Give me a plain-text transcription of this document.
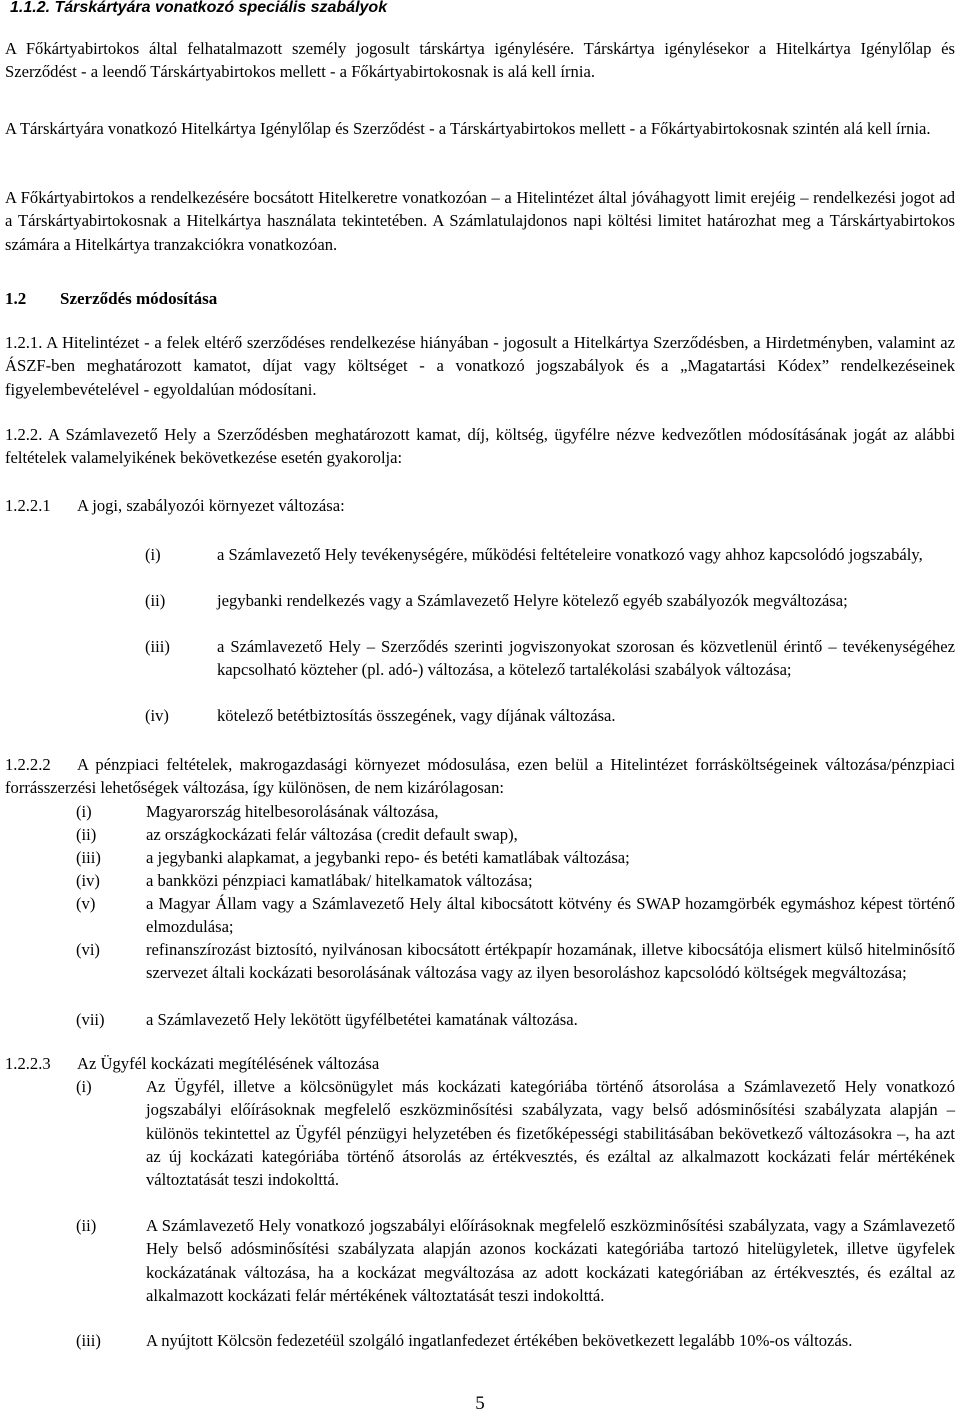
1.1.2. Társkártyára vonatkozó speciális szabályok
A Főkártyabirtokos által felhatalmazott személy jogosult társkártya igénylésére. Társkártya igénylésekor a Hitelkártya Igénylőlap és Szerződést - a leendő Társkártyabirtokos mellett - a Főkártyabirtokosnak is alá kell írnia.
A Társkártyára vonatkozó Hitelkártya Igénylőlap és Szerződést - a Társkártyabirtokos mellett - a Főkártyabirtokosnak szintén alá kell írnia.
A Főkártyabirtokos a rendelkezésére bocsátott Hitelkeretre vonatkozóan – a Hitelintézet által jóváhagyott limit erejéig – rendelkezési jogot ad a Társkártyabirtokosnak a Hitelkártya használata tekintetében. A Számlatulajdonos napi költési limitet határozhat meg a Társkártyabirtokos számára a Hitelkártya tranzakciókra vonatkozóan.
1.2 Szerződés módosítása
1.2.1. A Hitelintézet - a felek eltérő szerződéses rendelkezése hiányában - jogosult a Hitelkártya Szerződésben, a Hirdetményben, valamint az ÁSZF-ben meghatározott kamatot, díjat vagy költséget - a vonatkozó jogszabályok és a „Magatartási Kódex” rendelkezéseinek figyelembevételével - egyoldalúan módosítani.
1.2.2. A Számlavezető Hely a Szerződésben meghatározott kamat, díj, költség, ügyfélre nézve kedvezőtlen módosításának jogát az alábbi feltételek valamelyikének bekövetkezése esetén gyakorolja:
1.2.2.1 A jogi, szabályozói környezet változása:
(i)	a Számlavezető Hely tevékenységére, működési feltételeire vonatkozó vagy ahhoz kapcsolódó jogszabály,
(ii)	jegybanki rendelkezés vagy a Számlavezető Helyre kötelező egyéb szabályozók megváltozása;
(iii)	a Számlavezető Hely – Szerződés szerinti jogviszonyokat szorosan és közvetlenül érintő – tevékenységéhez kapcsolható közteher (pl. adó-) változása, a kötelező tartalékolási szabályok változása;
(iv)	kötelező betétbiztosítás összegének, vagy díjának változása.
1.2.2.2 A pénzpiaci feltételek, makrogazdasági környezet módosulása, ezen belül a Hitelintézet forrásköltségeinek változása/pénzpiaci forrásszerzési lehetőségek változása, így különösen, de nem kizárólagosan:
(i)	Magyarország hitelbesorolásának változása,
(ii)	az országkockázati felár változása (credit default swap),
(iii)	a jegybanki alapkamat, a jegybanki repo- és betéti kamatlábak változása;
(iv)	a bankközi pénzpiaci kamatlábak/ hitelkamatok változása;
(v)	a Magyar Állam vagy a Számlavezető Hely által kibocsátott kötvény és SWAP hozamgörbék egymáshoz képest történő elmozdulása;
(vi)	refinanszírozást biztosító, nyilvánosan kibocsátott értékpapír hozamának, illetve kibocsátója elismert külső hitelminősítő szervezet általi kockázati besorolásának változása vagy az ilyen besoroláshoz kapcsolódó költségek megváltozása;
(vii) a Számlavezető Hely lekötött ügyfélbetétei kamatának változása.
1.2.2.3 Az Ügyfél kockázati megítélésének változása
(i)	Az Ügyfél, illetve a kölcsönügylet más kockázati kategóriába történő átsorolása a Számlavezető Hely vonatkozó jogszabályi előírásoknak megfelelő eszközminősítési szabályzata, vagy belső adósminősítési szabályzata alapján – különös tekintettel az Ügyfél pénzügyi helyzetében és fizetőképességi stabilitásában bekövetkező változásokra –, ha azt az új kockázati kategóriába történő átsorolás az értékvesztés, és ezáltal az alkalmazott kockázati felár mértékének változtatását teszi indokolttá.
(ii)	A Számlavezető Hely vonatkozó jogszabályi előírásoknak megfelelő eszközminősítési szabályzata, vagy a Számlavezető Hely belső adósminősítési szabályzata alapján azonos kockázati kategóriába tartozó hitelügyletek, illetve ügyfelek kockázatának változása, ha a kockázat megváltozása az adott kockázati kategóriában az értékvesztés, és ezáltal az alkalmazott kockázati felár mértékének változtatását teszi indokolttá.
(iii)	A nyújtott Kölcsön fedezetéül szolgáló ingatlanfedezet értékében bekövetkezett legalább 10%-os változás.
5
